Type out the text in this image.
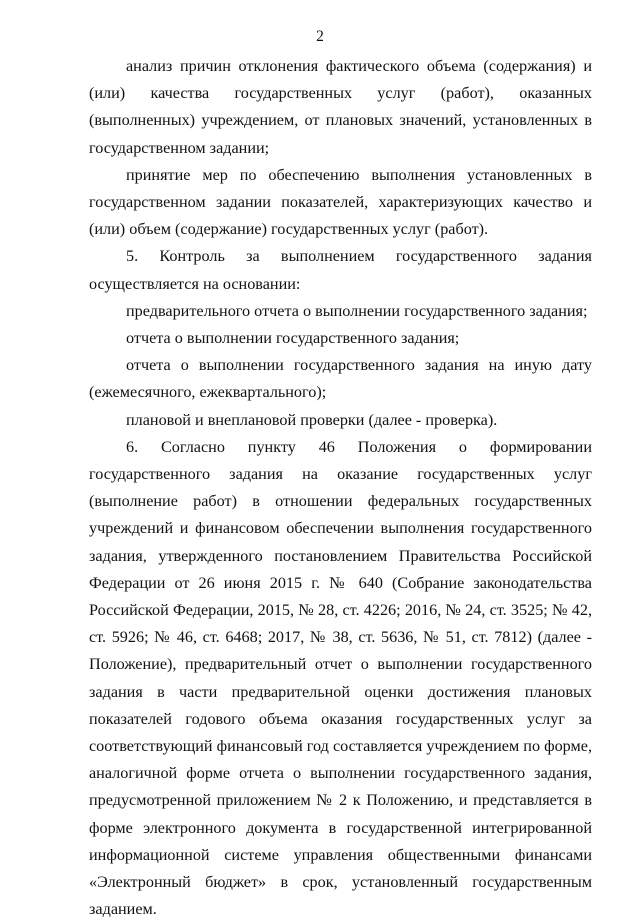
2

анализ причин отклонения фактического объема (содержания) и (или) качества государственных услуг (работ), оказанных (выполненных) учреждением, от плановых значений, установленных в государственном задании;

принятие мер по обеспечению выполнения установленных в государственном задании показателей, характеризующих качество и (или) объем (содержание) государственных услуг (работ).

5. Контроль за выполнением государственного задания осуществляется на основании:

предварительного отчета о выполнении государственного задания;

отчета о выполнении государственного задания;

отчета о выполнении государственного задания на иную дату (ежемесячного, ежеквартального);

плановой и внеплановой проверки (далее - проверка).

6. Согласно пункту 46 Положения о формировании государственного задания на оказание государственных услуг (выполнение работ) в отношении федеральных государственных учреждений и финансовом обеспечении выполнения государственного задания, утвержденного постановлением Правительства Российской Федерации от 26 июня 2015 г. № 640 (Собрание законодательства Российской Федерации, 2015, № 28, ст. 4226; 2016, № 24, ст. 3525; № 42, ст. 5926; № 46, ст. 6468; 2017, № 38, ст. 5636, № 51, ст. 7812) (далее - Положение), предварительный отчет о выполнении государственного задания в части предварительной оценки достижения плановых показателей годового объема оказания государственных услуг за соответствующий финансовый год составляется учреждением по форме, аналогичной форме отчета о выполнении государственного задания, предусмотренной приложением № 2 к Положению, и представляется в форме электронного документа в государственной интегрированной информационной системе управления общественными финансами «Электронный бюджет» в срок, установленный государственным заданием.
